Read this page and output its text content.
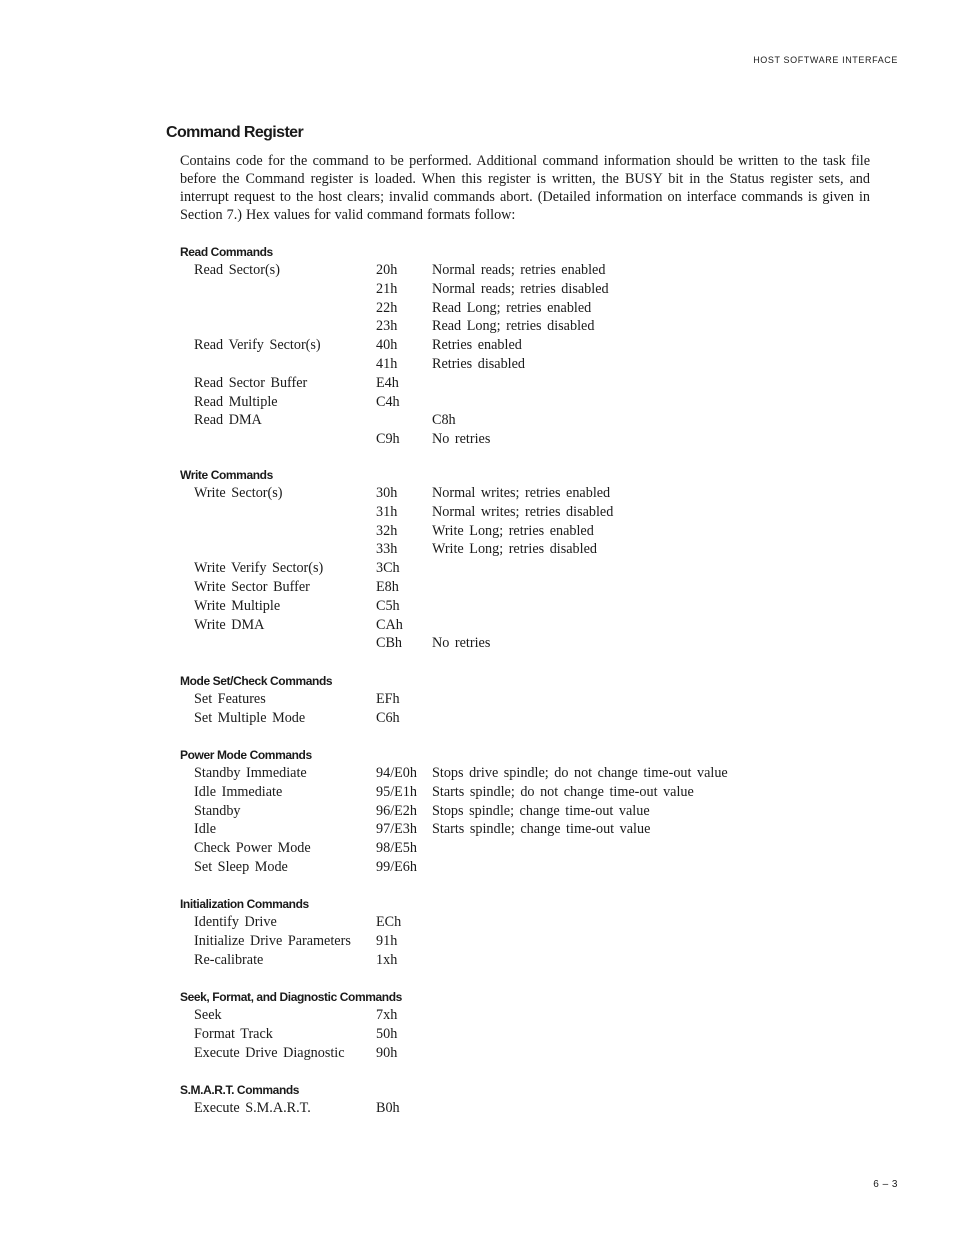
HOST SOFTWARE INTERFACE
Command Register

Contains code for the command to be performed. Additional command information should be written to the task file before the Command register is loaded. When this register is written, the BUSY bit in the Status register sets, and interrupt request to the host clears; invalid commands abort. (Detailed information on interface commands is given in Section 7.) Hex values for valid command formats follow:

Read Commands
Read Sector(s)	20h Normal reads; retries enabled
21h Normal reads; retries disabled
22h Read Long; retries enabled
23h Read Long; retries disabled
Read Verify Sector(s)	40h Retries enabled
41h Retries disabled
Read Sector Buffer	E4h
Read Multiple	C4h
Read DMA	C8h
C9h No retries
Write Commands
Write Sector(s)	30h Normal writes; retries enabled
31h Normal writes; retries disabled
32h Write Long; retries enabled
33h Write Long; retries disabled
Write Verify Sector(s)	3Ch
Write Sector Buffer	E8h
Write Multiple	C5h
Write DMA	CAh
CBh No retries
Mode Set/Check Commands
Set Features	EFh
Set Multiple Mode	C6h
Power Mode Commands
Standby Immediate	94/E0h Stops drive spindle; do not change time-out value
Idle Immediate	95/E1h Starts spindle; do not change time-out value
Standby	96/E2h Stops spindle; change time-out value
Idle	97/E3h Starts spindle; change time-out value
Check Power Mode	98/E5h
Set Sleep Mode	99/E6h
Initialization Commands
Identify Drive	ECh
Initialize Drive Parameters 91h
Re-calibrate	1xh
Seek, Format, and Diagnostic Commands
Seek	7xh
Format Track	50h
Execute Drive Diagnostic 90h
S.M.A.R.T. Commands
Execute S.M.A.R.T.	B0h
6 – 3
